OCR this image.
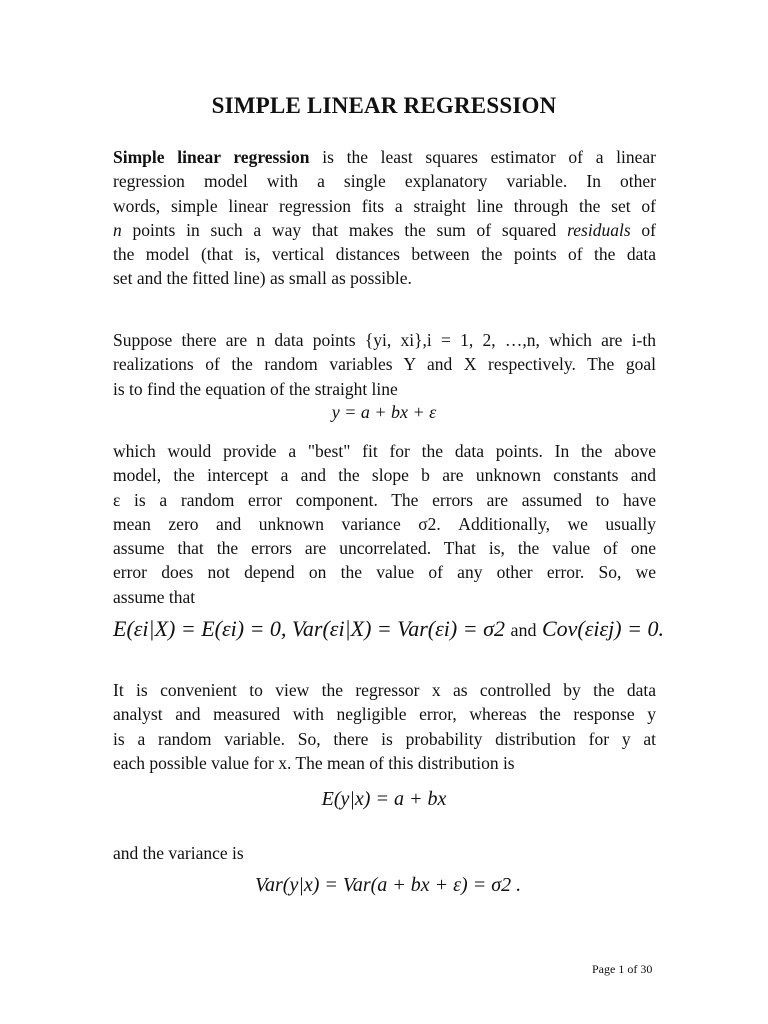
SIMPLE LINEAR REGRESSION
Simple linear regression is the least squares estimator of a linear
regression model with a single explanatory variable. In other
words, simple linear regression fits a straight line through the set of
n points in such a way that makes the sum of squared residuals of
the model (that is, vertical distances between the points of the data
set and the fitted line) as small as possible.
Suppose there are n data points {yi, xi},i = 1, 2, …,n, which are i-th
realizations of the random variables Y and X respectively. The goal
is to find the equation of the straight line
y = a + bx + ε
which would provide a "best" fit for the data points. In the above
model, the intercept a and the slope b are unknown constants and
ε is a random error component. The errors are assumed to have
mean zero and unknown variance σ2. Additionally, we usually
assume that the errors are uncorrelated. That is, the value of one
error does not depend on the value of any other error. So, we
assume that
E(εi|X) = E(εi) = 0, Var(εi|X) = Var(εi) = σ2 and Cov(εiεj) = 0.
It is convenient to view the regressor x as controlled by the data
analyst and measured with negligible error, whereas the response y
is a random variable. So, there is probability distribution for y at
each possible value for x. The mean of this distribution is
E(y|x) = a + bx
and the variance is
Var(y|x) = Var(a + bx + ε) = σ2 .
Page 1 of 30
